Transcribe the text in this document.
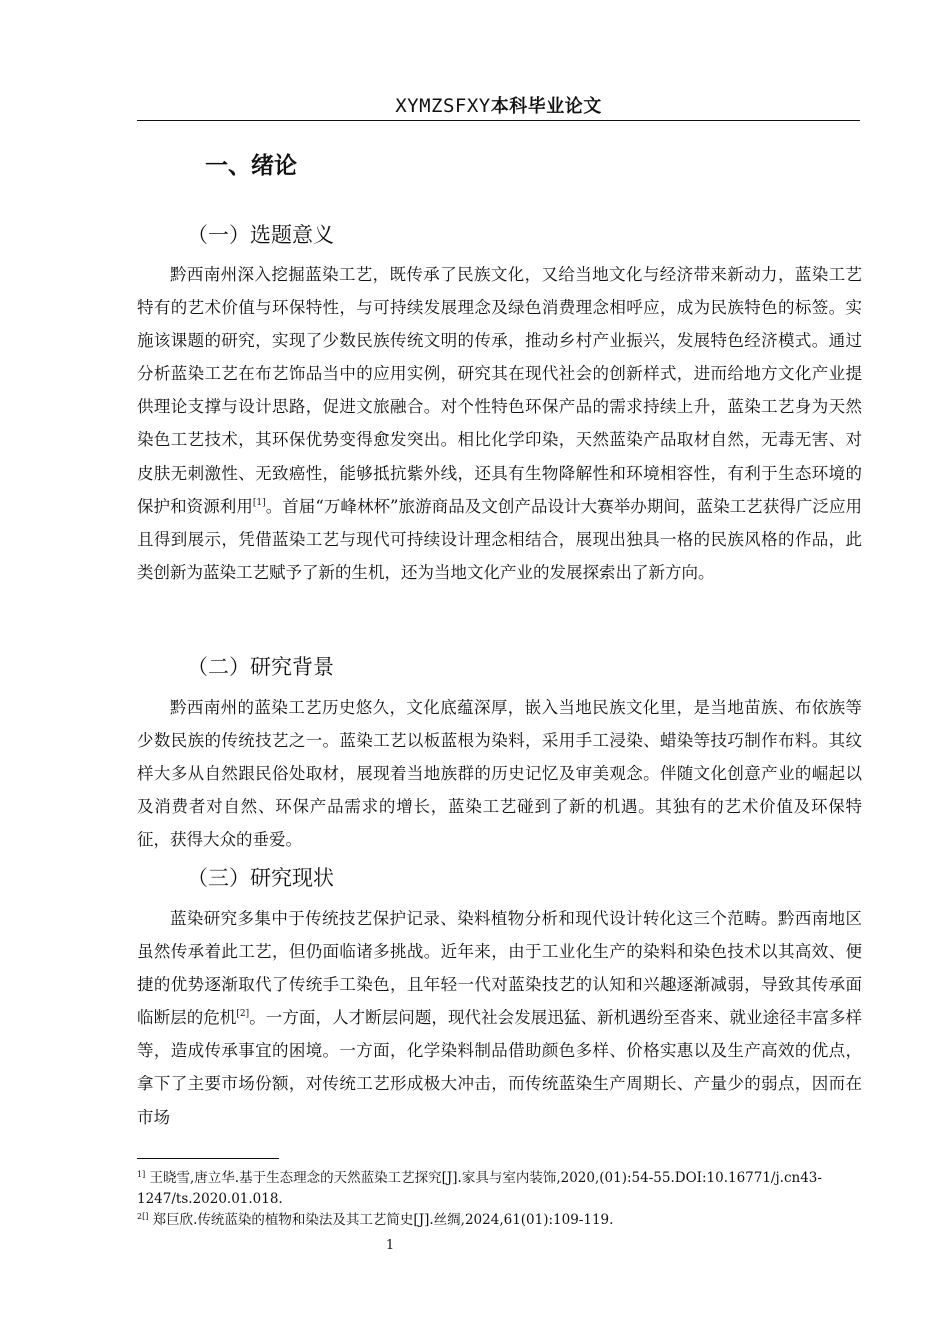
XYMZSFXY本科毕业论文
一、绪论
（一）选题意义

黔西南州深入挖掘蓝染工艺，既传承了民族文化，又给当地文化与经济带来新动力，蓝染工艺特有的艺术价值与环保特性，与可持续发展理念及绿色消费理念相呼应，成为民族特色的标签。实施该课题的研究，实现了少数民族传统文明的传承，推动乡村产业振兴，发展特色经济模式。通过分析蓝染工艺在布艺饰品当中的应用实例，研究其在现代社会的创新样式，进而给地方文化产业提供理论支撑与设计思路，促进文旅融合。对个性特色环保产品的需求持续上升，蓝染工艺身为天然染色工艺技术，其环保优势变得愈发突出。相比化学印染，天然蓝染产品取材自然，无毒无害、对皮肤无刺激性、无致癌性，能够抵抗紫外线，还具有生物降解性和环境相容性，有利于生态环境的保护和资源利用[1]。首届“万峰林杯”旅游商品及文创产品设计大赛举办期间，蓝染工艺获得广泛应用且得到展示，凭借蓝染工艺与现代可持续设计理念相结合，展现出独具一格的民族风格的作品，此类创新为蓝染工艺赋予了新的生机，还为当地文化产业的发展探索出了新方向。

（二）研究背景

黔西南州的蓝染工艺历史悠久，文化底蕴深厚，嵌入当地民族文化里，是当地苗族、布依族等少数民族的传统技艺之一。蓝染工艺以板蓝根为染料，采用手工浸染、蜡染等技巧制作布料。其纹样大多从自然跟民俗处取材，展现着当地族群的历史记忆及审美观念。伴随文化创意产业的崛起以及消费者对自然、环保产品需求的增长，蓝染工艺碰到了新的机遇。其独有的艺术价值及环保特征，获得大众的垂爱。

（三）研究现状

蓝染研究多集中于传统技艺保护记录、染料植物分析和现代设计转化这三个范畴。黔西南地区虽然传承着此工艺，但仍面临诸多挑战。近年来，由于工业化生产的染料和染色技术以其高效、便捷的优势逐渐取代了传统手工染色，且年轻一代对蓝染技艺的认知和兴趣逐渐减弱，导致其传承面临断层的危机[2]。一方面，人才断层问题，现代社会发展迅猛、新机遇纷至沓来、就业途径丰富多样等，造成传承事宜的困境。一方面，化学染料制品借助颜色多样、价格实惠以及生产高效的优点，拿下了主要市场份额，对传统工艺形成极大冲击，而传统蓝染生产周期长、产量少的弱点，因而在市场

$^{1]}$ 王晓雪,唐立华.基于生态理念的天然蓝染工艺探究[J].家具与室内装饰,2020,(01):54-55.DOI:10.16771/j.cn43-1247/ts.2020.01.018.
$^{2[]}$ 郑巨欣.传统蓝染的植物和染法及其工艺简史[J].丝绸,2024,61(01):109-119.
1
